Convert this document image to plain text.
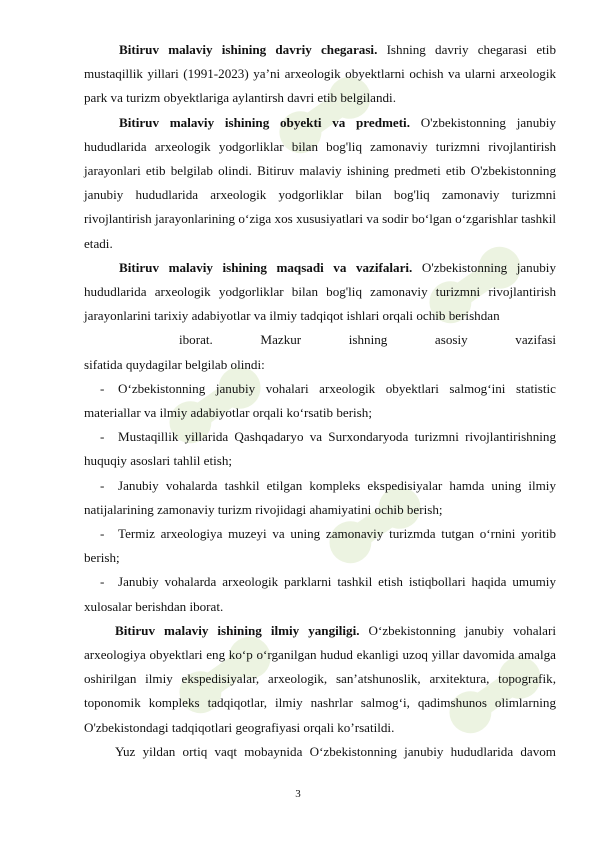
Bitiruv malaviy ishining davriy chegarasi. Ishning davriy chegarasi etib mustaqillik yillari (1991-2023) ya’ni arxeologik obyektlarni ochish va ularni arxeologik park va turizm obyektlariga aylantirsh davri etib belgilandi.

Bitiruv malaviy ishining obyekti va predmeti. O'zbekistonning janubiy hududlarida arxeologik yodgorliklar bilan bog'liq zamonaviy turizmni rivojlantirish jarayonlari etib belgilab olindi. Bitiruv malaviy ishining predmeti etib O'zbekistonning janubiy hududlarida arxeologik yodgorliklar bilan bog'liq zamonaviy turizmni rivojlantirish jarayonlarining o‘ziga xos xususiyatlari va sodir bo‘lgan o‘zgarishlar tashkil etadi.

Bitiruv malaviy ishining maqsadi va vazifalari. O'zbekistonning janubiy hududlarida arxeologik yodgorliklar bilan bog'liq zamonaviy turizmni rivojlantirish jarayonlarini tarixiy adabiyotlar va ilmiy tadqiqot ishlari orqali ochib berishdan

iborat. Mazkur ishning asosiy vazifasi

sifatida quydagilar belgilab olindi:

- O‘zbekistonning janubiy vohalari arxeologik obyektlari salmog‘ini statistic materiallar va ilmiy adabiyotlar orqali ko‘rsatib berish;

- Mustaqillik yillarida Qashqadaryo va Surxondaryoda turizmni rivojlantirishning huquqiy asoslari tahlil etish;

- Janubiy vohalarda tashkil etilgan kompleks ekspedisiyalar hamda uning ilmiy natijalarining zamonaviy turizm rivojidagi ahamiyatini ochib berish;

- Termiz arxeologiya muzeyi va uning zamonaviy turizmda tutgan o‘rnini yoritib berish;

- Janubiy vohalarda arxeologik parklarni tashkil etish istiqbollari haqida umumiy xulosalar berishdan iborat.

Bitiruv malaviy ishining ilmiy yangiligi. O‘zbekistonning janubiy vohalari arxeologiya obyektlari eng ko‘p o‘rganilgan hudud ekanligi uzoq yillar davomida amalga oshirilgan ilmiy ekspedisiyalar, arxeologik, san’atshunoslik, arxitektura, topografik, toponomik kompleks tadqiqotlar, ilmiy nashrlar salmog‘i, qadimshunos olimlarning O'zbekistondagi tadqiqotlari geografiyasi orqali ko’rsatildi.

Yuz yildan ortiq vaqt mobaynida O‘zbekistonning janubiy hududlarida davom

3
